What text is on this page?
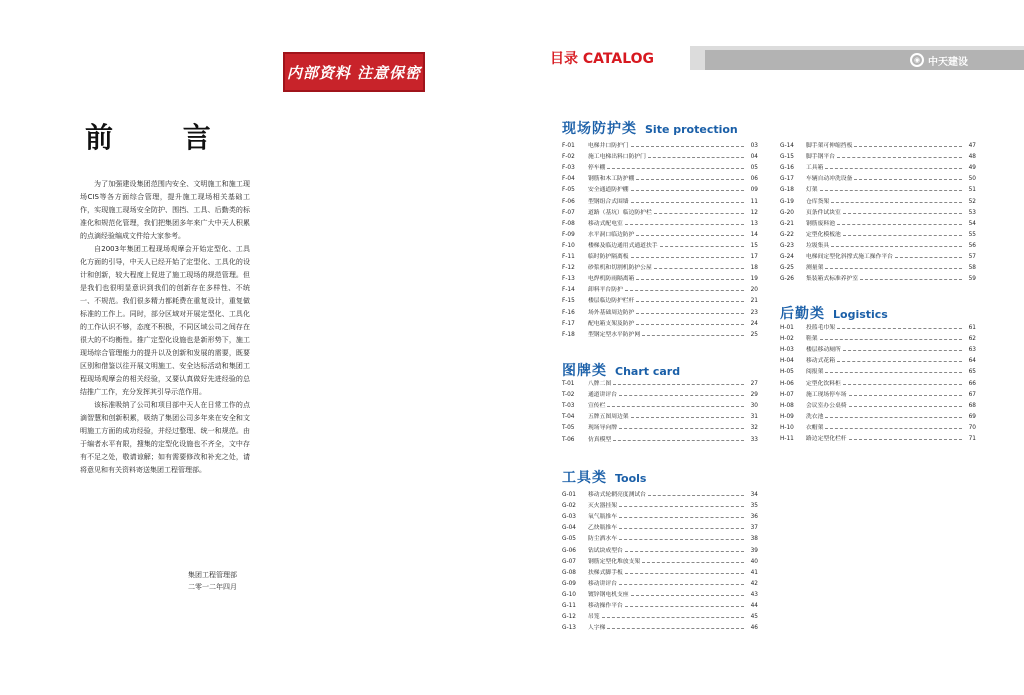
内部资料 注意保密
前 言

为了加强建设集团范围内安全、文明施工和施工现场CIS等各方面综合管理，提升施工现场相关基础工作，实现施工现场安全防护、围挡、工具、后勤类的标准化和规范化管理，我们把集团多年来广大中天人积累的点滴经验编成文件给大家参考。

自2003年集团工程现场观摩会开始定型化、工具化方面的引导，中天人已经开始了定型化、工具化的设计和创新，较大程度上促进了施工现场的规范管理。但是我们也很明显意识到我们的创新存在多样性、不统一、不规范。我们很多精力都耗费在重复设计，重复做标准的工作上。同时，部分区域对开展定型化、工具化的工作认识不够，态度不积极，不同区域公司之间存在很大的不均衡性。推广定型化设施也是新形势下，施工现场综合管理能力的提升以及创新和发展的需要，既要区别和借鉴以往开展文明施工、安全达标活动和集团工程现场观摩会的相关经验，又要认真做好先进经验的总结推广工作，充分发挥其引导示范作用。

该标准吸纳了公司和项目部中天人在日常工作的点滴智慧和创新积累，吸纳了集团公司多年来在安全和文明施工方面的成功经验，并经过整理、统一和规范。由于编者水平有限，搜集的定型化设施也不齐全，文中存有不足之处，敬请谅解；如有需要修改和补充之处，请将意见和有关资料寄送集团工程管理部。

集团工程管理部
二零一二年四月
目录 CATALOG	◉ 中天建设
现场防护类 Site protection
F-01	电梯井口防护门	03
F-02	施工电梯出料口防护门	04
F-03	停车棚	05
F-04	钢筋和木工防护棚	06
F-05	安全通道防护棚	09
F-06	型钢组合式围墙	11
F-07	道路（基坑）临边防护栏	12
F-08	移动式配电室	13
F-09	水平洞口临边防护	14
F-10	楼梯及临边通用式通道扶手	15
F-11	临时防护隔离板	17
F-12	砂浆机和切割机防护公屋	18
F-13	电焊机防雨隔离箱	19
F-14	卸料平台防护	20
F-15	楼层临边防护栏杆	21
F-16	场外基础周边防护	23
F-17	配电箱支架及防护	24
F-18	型钢定型水平防护网	25
G-14	脚手架可伸缩挡板	47
G-15	脚手钢平台	48
G-16	工具箱	49
G-17	车辆自动冲洗设备	50
G-18	灯架	51
G-19	仓库货架	52
G-20	页条件试块室	53
G-21	钢筋废料池	54
G-22	定型化模板池	55
G-23	垃圾集具	56
G-24	电梯间定型化斜撑式施工操作平台	57
G-25	测量架	58
G-26	集装箱式标准养护室	59
图牌类 Chart card
T-01	八牌二图	27
T-02	通道讲评台	29
T-03	宣传栏	30
T-04	五牌五图周边架	31
T-05	现场导向牌	32
T-06	仿真模型	33
工具类 Tools
G-01	移动式轮辋亮度测试台	34
G-02	灭火器挂架	35
G-03	氧气瓶推车	36
G-04	乙炔瓶推车	37
G-05	防尘洒水车	38
G-06	钻试块成型台	39
G-07	钢筋定型化堆放支架	40
G-08	扶梯式脚手板	41
G-09	移动讲评台	42
G-10	镀锌钢电机支座	43
G-11	移动操作平台	44
G-12	吊笼	45
G-13	人字梯	46
后勤类 Logistics
H-01	投篮毛巾架	61
H-02	鞋架	62
H-03	楼层移动厕所	63
H-04	移动式花箱	64
H-05	阅报架	65
H-06	定型化饮料柜	66
H-07	施工现场停车场	67
H-08	会议室办公桌椅	68
H-09	洗衣池	69
H-10	衣帽架	70
H-11	路边定型化栏杆	71
